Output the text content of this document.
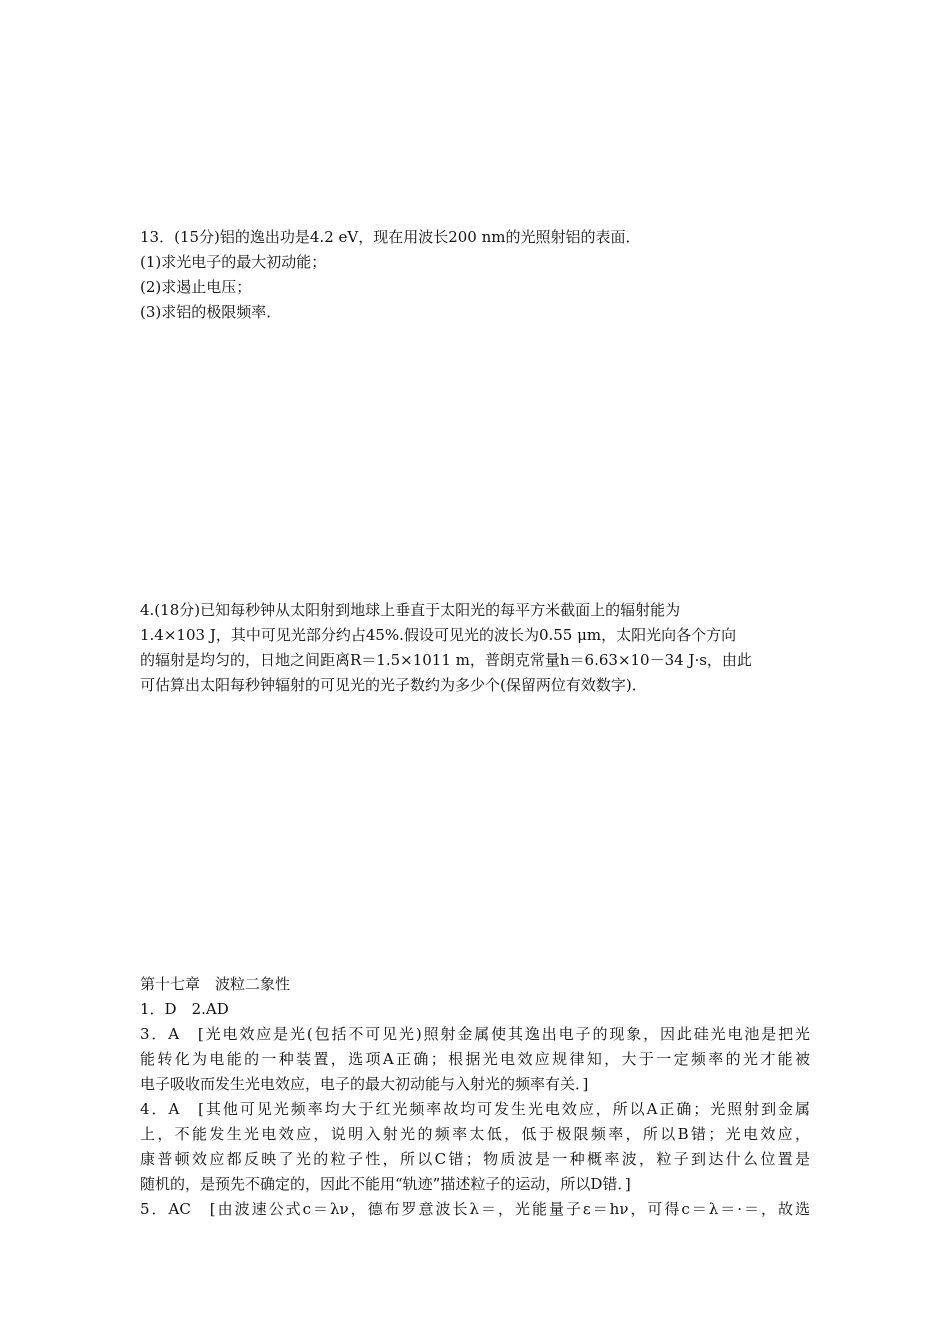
13．(15分)铝的逸出功是4.2 eV，现在用波长200 nm的光照射铝的表面．

(1)求光电子的最大初动能；

(2)求遏止电压；

(3)求铝的极限频率．

4.(18分)已知每秒钟从太阳射到地球上垂直于太阳光的每平方米截面上的辐射能为

1.4×103 J，其中可见光部分约占45%.假设可见光的波长为0.55 μm，太阳光向各个方向

的辐射是均匀的，日地之间距离R＝1.5×1011 m，普朗克常量h＝6.63×10－34 J·s，由此

可估算出太阳每秒钟辐射的可见光的光子数约为多少个(保留两位有效数字)．

第十七章　波粒二象性

1．D　2.AD

3．A　[光电效应是光(包括不可见光)照射金属使其逸出电子的现象，因此硅光电池是把光

能转化为电能的一种装置，选项A正确；根据光电效应规律知，大于一定频率的光才能被

电子吸收而发生光电效应，电子的最大初动能与入射光的频率有关．]

4．A　[其他可见光频率均大于红光频率故均可发生光电效应，所以A正确；光照射到金属

上，不能发生光电效应，说明入射光的频率太低，低于极限频率，所以B错；光电效应，

康普顿效应都反映了光的粒子性，所以C错；物质波是一种概率波，粒子到达什么位置是

随机的，是预先不确定的，因此不能用“轨迹”描述粒子的运动，所以D错．]

5．AC　[由波速公式c＝λν，德布罗意波长λ＝，光能量子ε＝hν，可得c＝λ＝·＝，故选
